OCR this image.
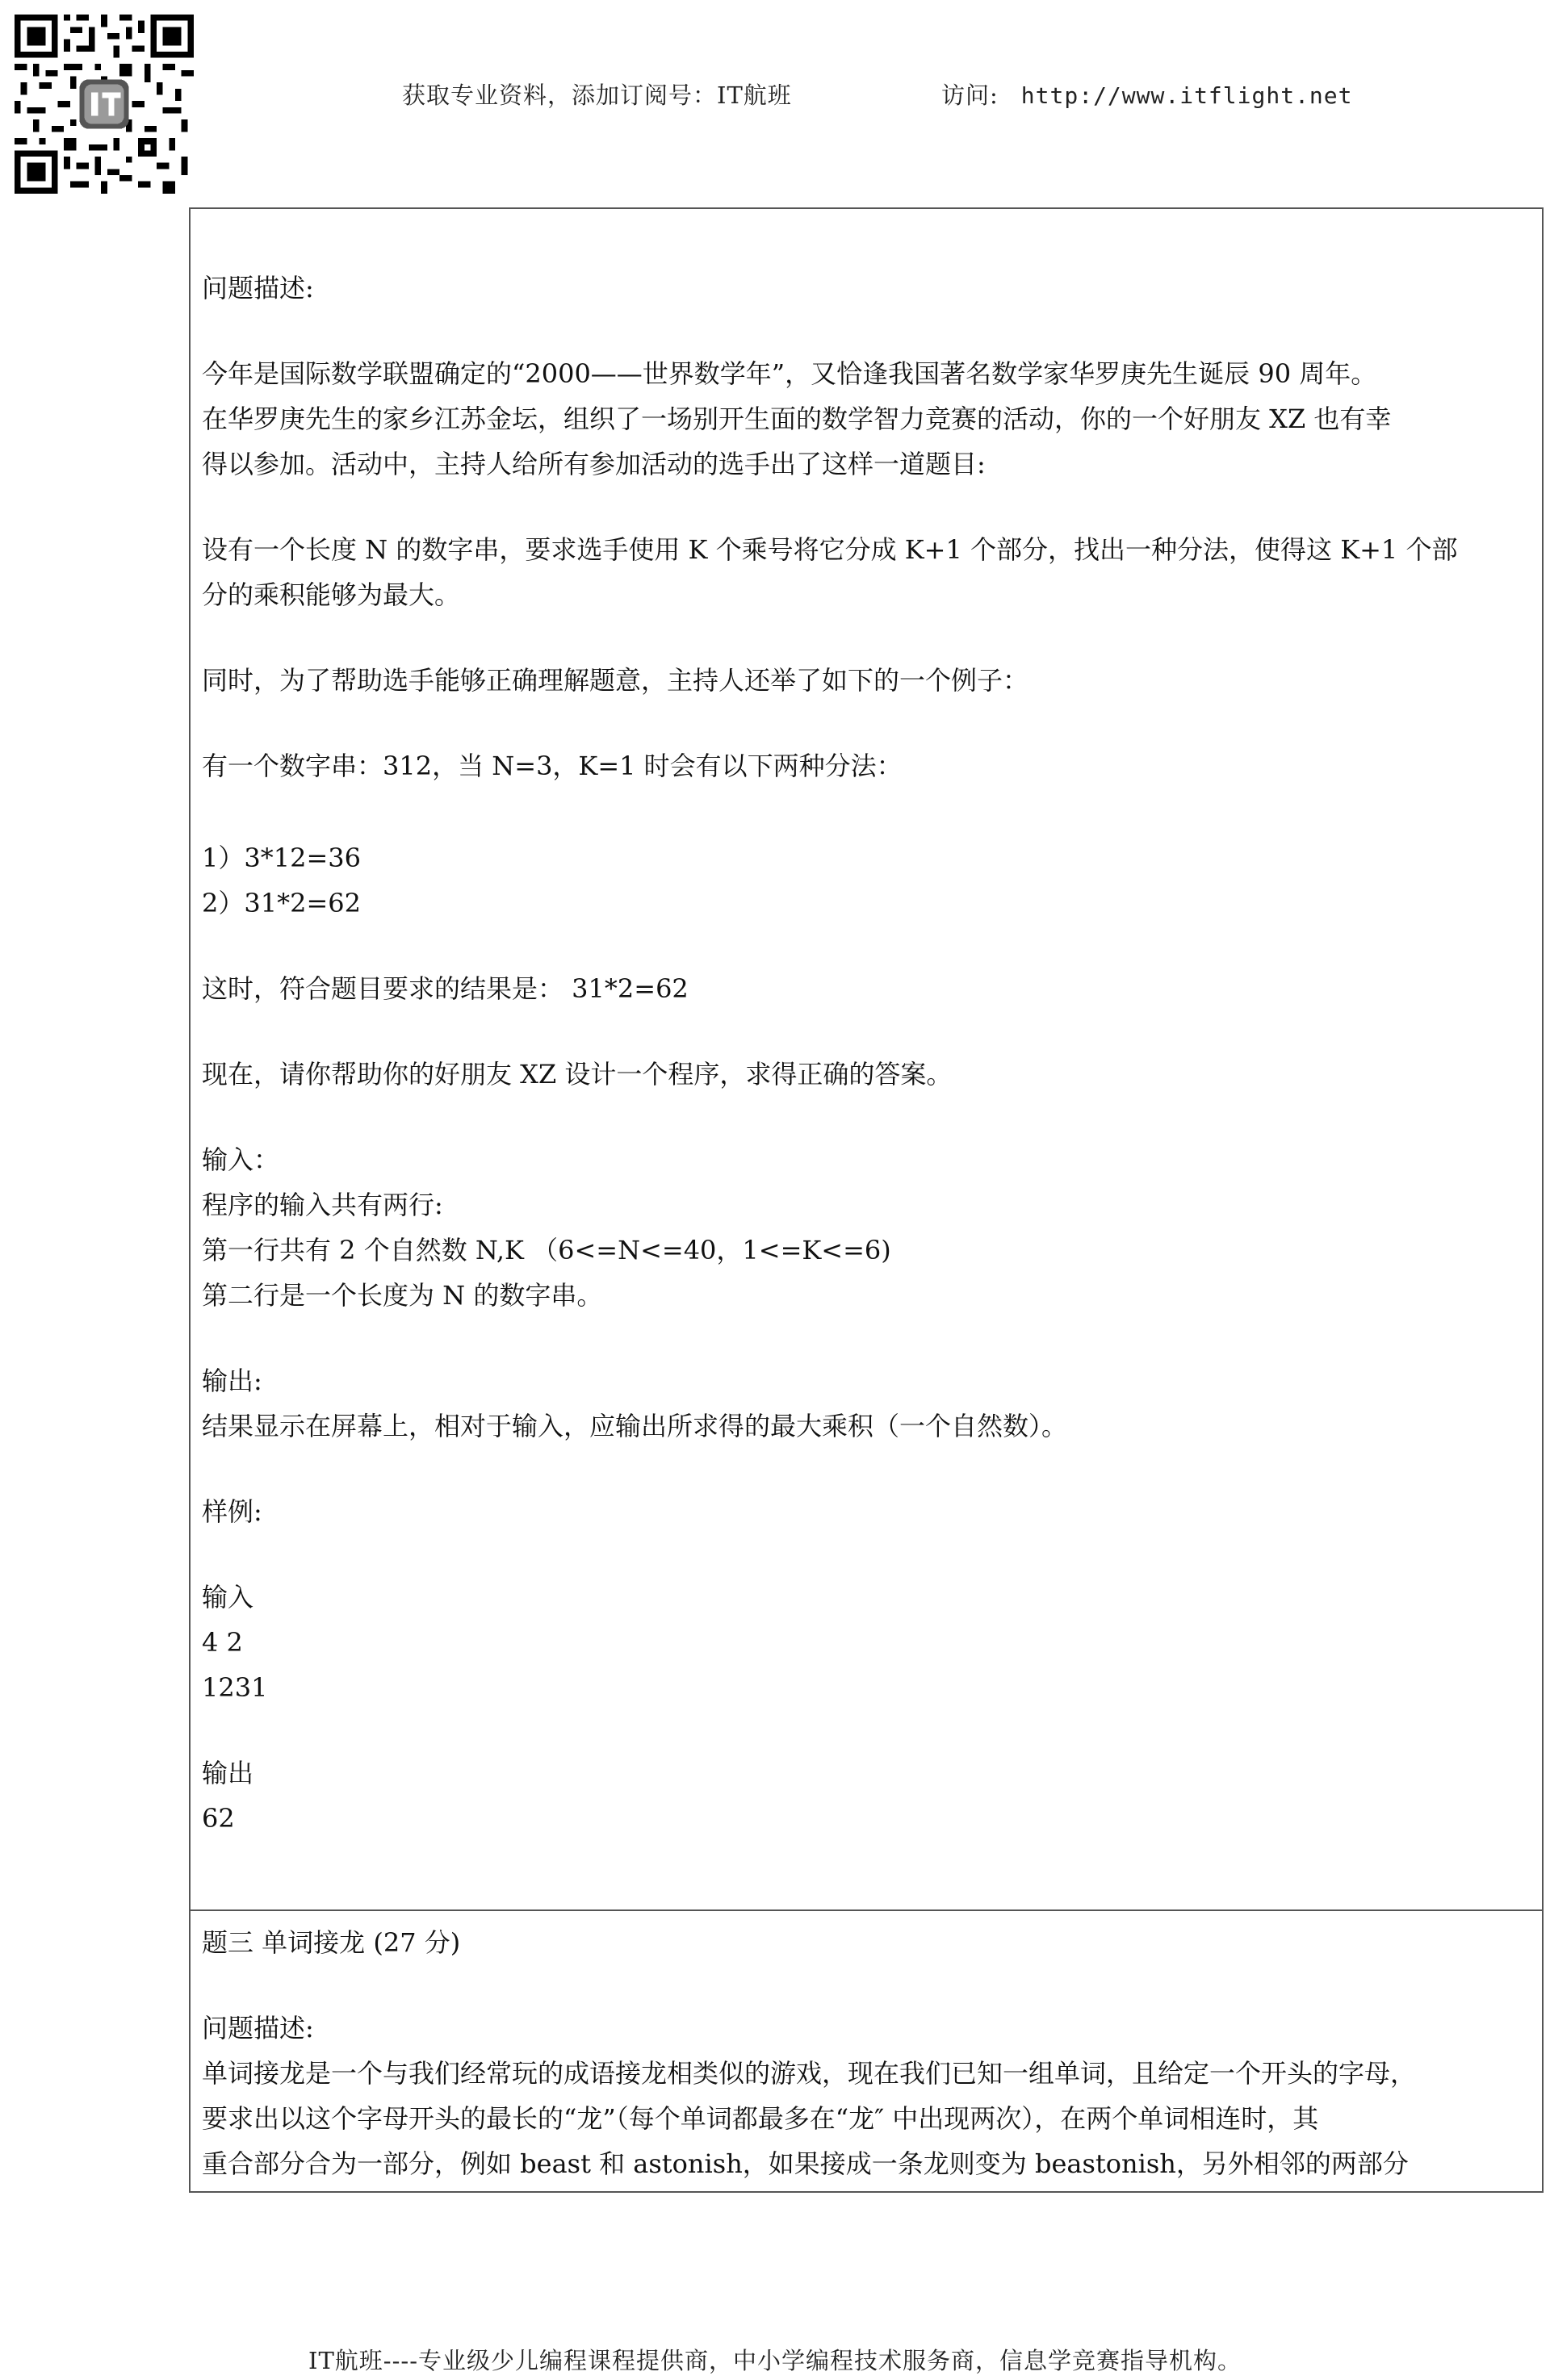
获取专业资料，添加订阅号：IT航班	访问: http://www.itflight.net
问题描述:
今年是国际数学联盟确定的“2000——世界数学年”，又恰逢我国著名数学家华罗庚先生诞辰 90 周年。
在华罗庚先生的家乡江苏金坛，组织了一场别开生面的数学智力竞赛的活动，你的一个好朋友 XZ 也有幸
得以参加。活动中，主持人给所有参加活动的选手出了这样一道题目:
设有一个长度 N 的数字串，要求选手使用 K 个乘号将它分成 K+1 个部分，找出一种分法，使得这 K+1 个部
分的乘积能够为最大。
同时，为了帮助选手能够正确理解题意，主持人还举了如下的一个例子：
有一个数字串：312，当 N=3，K=1 时会有以下两种分法：
1）3*12=36
2）31*2=62
这时，符合题目要求的结果是： 31*2=62
现在，请你帮助你的好朋友 XZ 设计一个程序，求得正确的答案。
输入：
程序的输入共有两行:
第一行共有 2 个自然数 N,K （6<=N<=40，1<=K<=6)
第二行是一个长度为 N 的数字串。
输出:
结果显示在屏幕上，相对于输入，应输出所求得的最大乘积（一个自然数）。
样例:
输入
4 2
1231
输出
62
题三 单词接龙 (27 分)
问题描述:
单词接龙是一个与我们经常玩的成语接龙相类似的游戏，现在我们已知一组单词，且给定一个开头的字母，
要求出以这个字母开头的最长的“龙”（每个单词都最多在“龙″ 中出现两次），在两个单词相连时，其
重合部分合为一部分，例如 beast 和 astonish，如果接成一条龙则变为 beastonish，另外相邻的两部分
IT航班----专业级少儿编程课程提供商，中小学编程技术服务商，信息学竞赛指导机构。
